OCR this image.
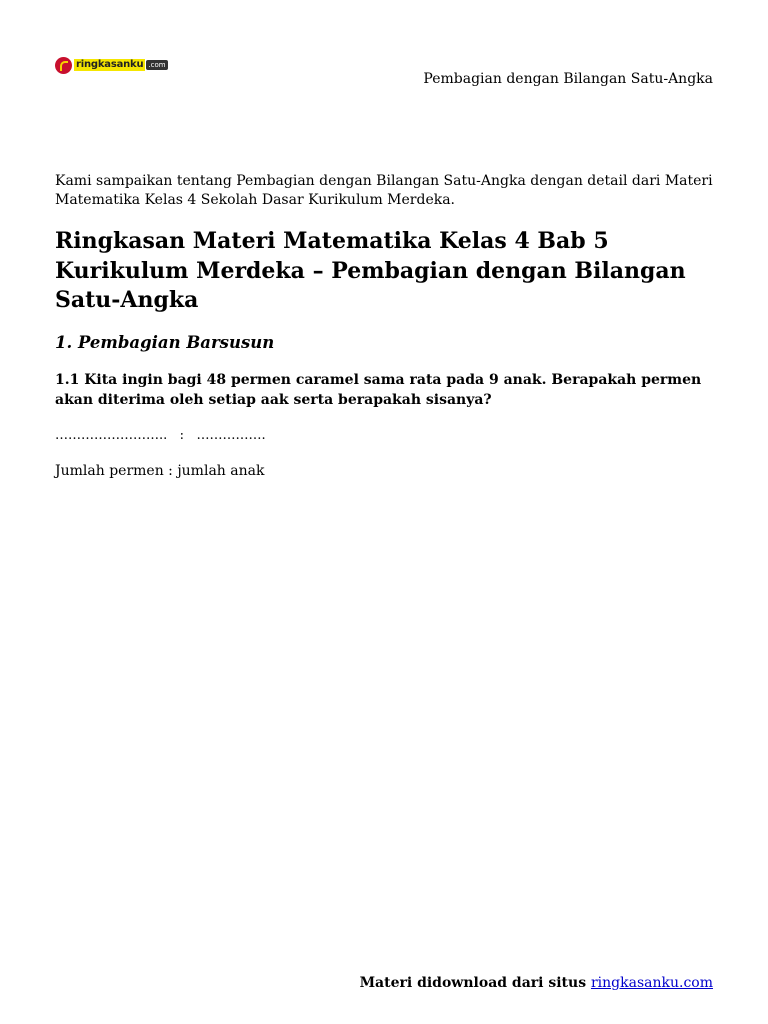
ringkasanku .com
Pembagian dengan Bilangan Satu-Angka

Kami sampaikan tentang Pembagian dengan Bilangan Satu-Angka dengan detail dari Materi Matematika Kelas 4 Sekolah Dasar Kurikulum Merdeka.

Ringkasan Materi Matematika Kelas 4 Bab 5 Kurikulum Merdeka – Pembagian dengan Bilangan Satu-Angka
1. Pembagian Barsusun

1.1 Kita ingin bagi 48 permen caramel sama rata pada 9 anak. Berapakah permen akan diterima oleh setiap aak serta berapakah sisanya?

……………………..   :   …………….

Jumlah permen : jumlah anak

Materi didownload dari situs ringkasanku.com
